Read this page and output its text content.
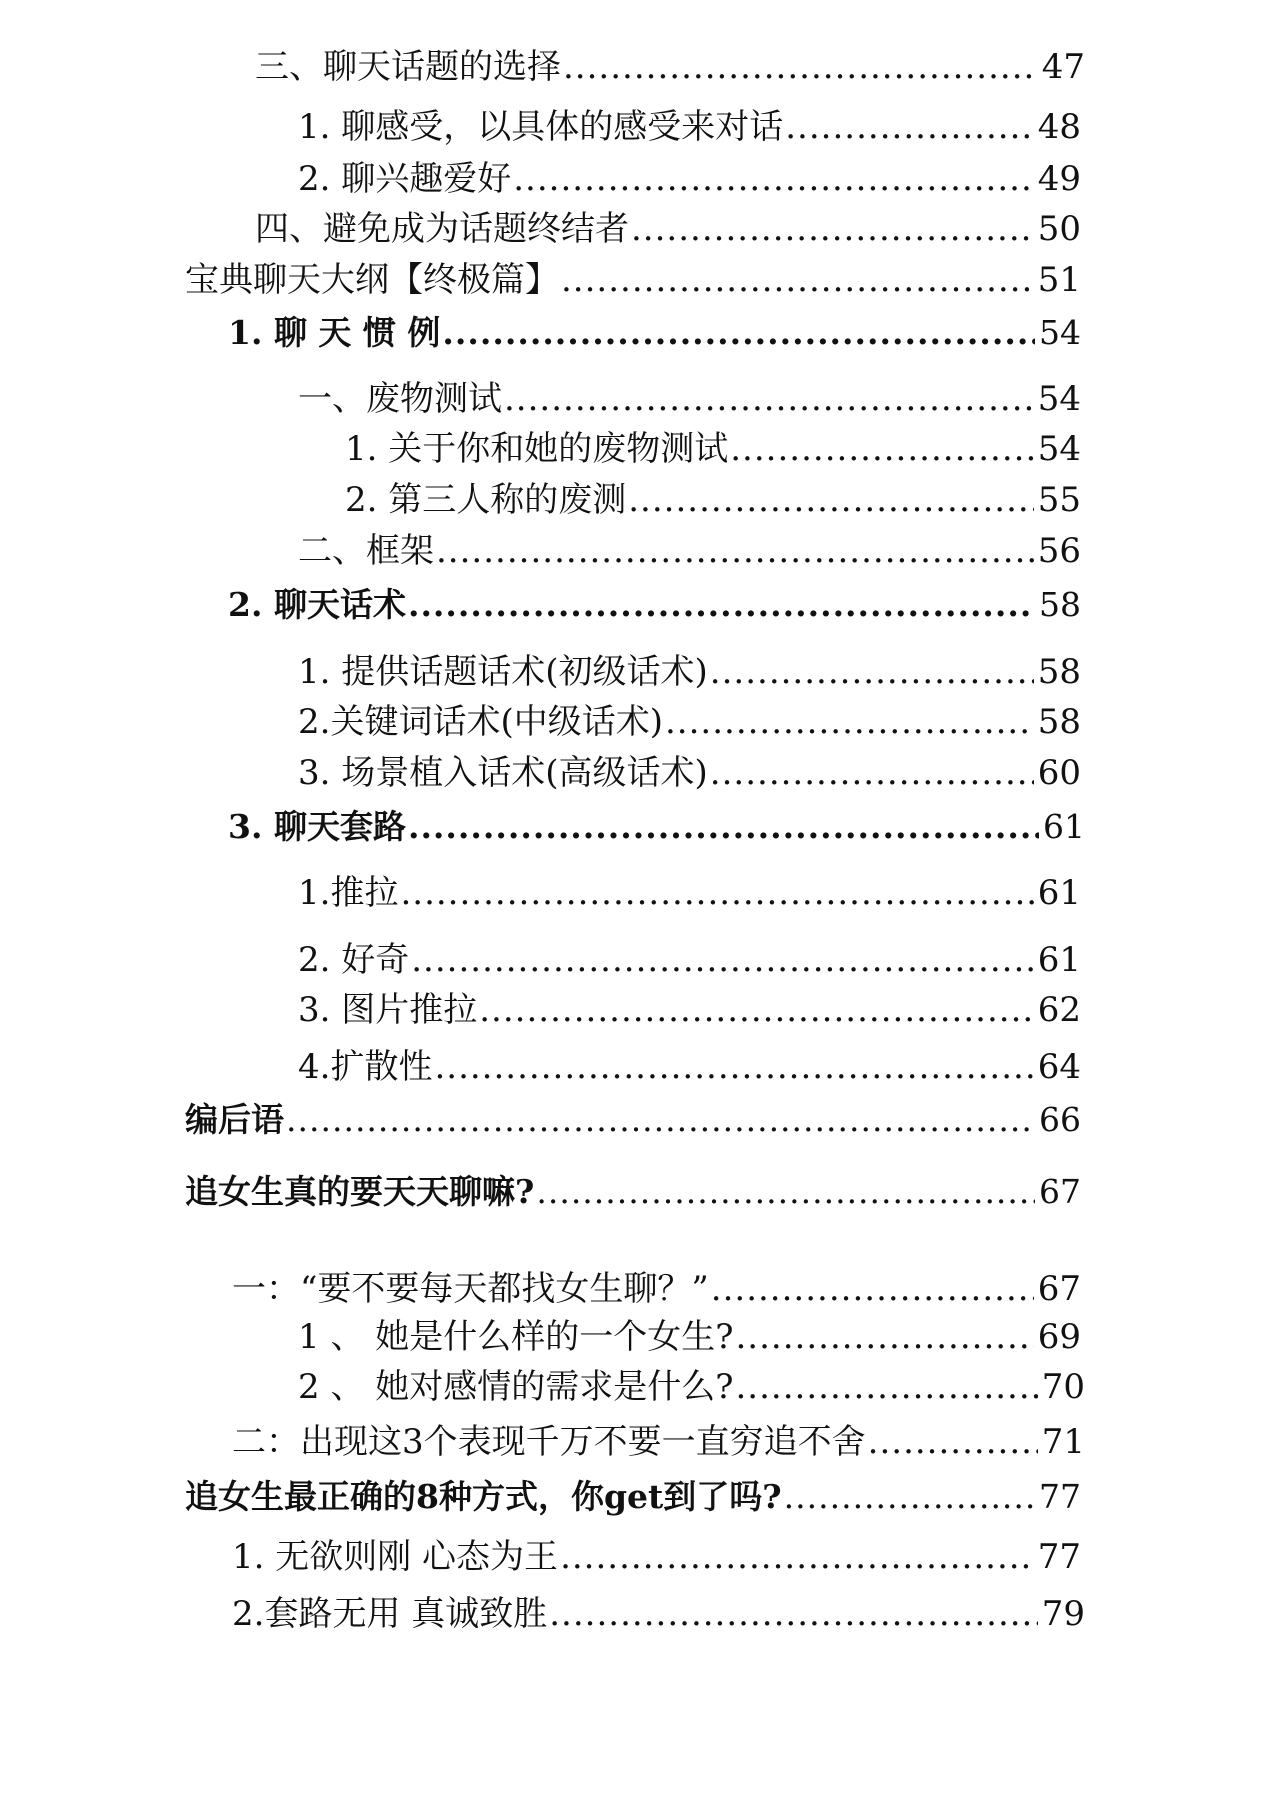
三、聊天话题的选择 .....	47
1. 聊感受，以具体的感受来对话 .....	48
2. 聊兴趣爱好 .....	49
四、避免成为话题终结者 .....	50
宝典聊天大纲【终极篇】 .....	51
1. 聊 天 惯 例 .....	54
一、废物测试 .....	54
1. 关于你和她的废物测试 .....	54
2. 第三人称的废测 .....	55
二、框架 .....	56
2. 聊天话术 .....	58
1. 提供话题话术(初级话术) .....	58
2.关键词话术(中级话术) .....	58
3. 场景植入话术(高级话术) .....	60
3. 聊天套路 .....	61
1.推拉 .....	61
2. 好奇 .....	61
3. 图片推拉 .....	62
4.扩散性 .....	64
编后语 .....	66
追女生真的要天天聊嘛? .....	67
一：“要不要每天都找女生聊？” .....	67
1 、 她是什么样的一个女生? .....	69
2 、 她对感情的需求是什么? .....	70
二：出现这3个表现千万不要一直穷追不舍 .....	71
追女生最正确的8种方式，你get到了吗? .....	77
1. 无欲则刚 心态为王 .....	77
2.套路无用 真诚致胜 .....	79
